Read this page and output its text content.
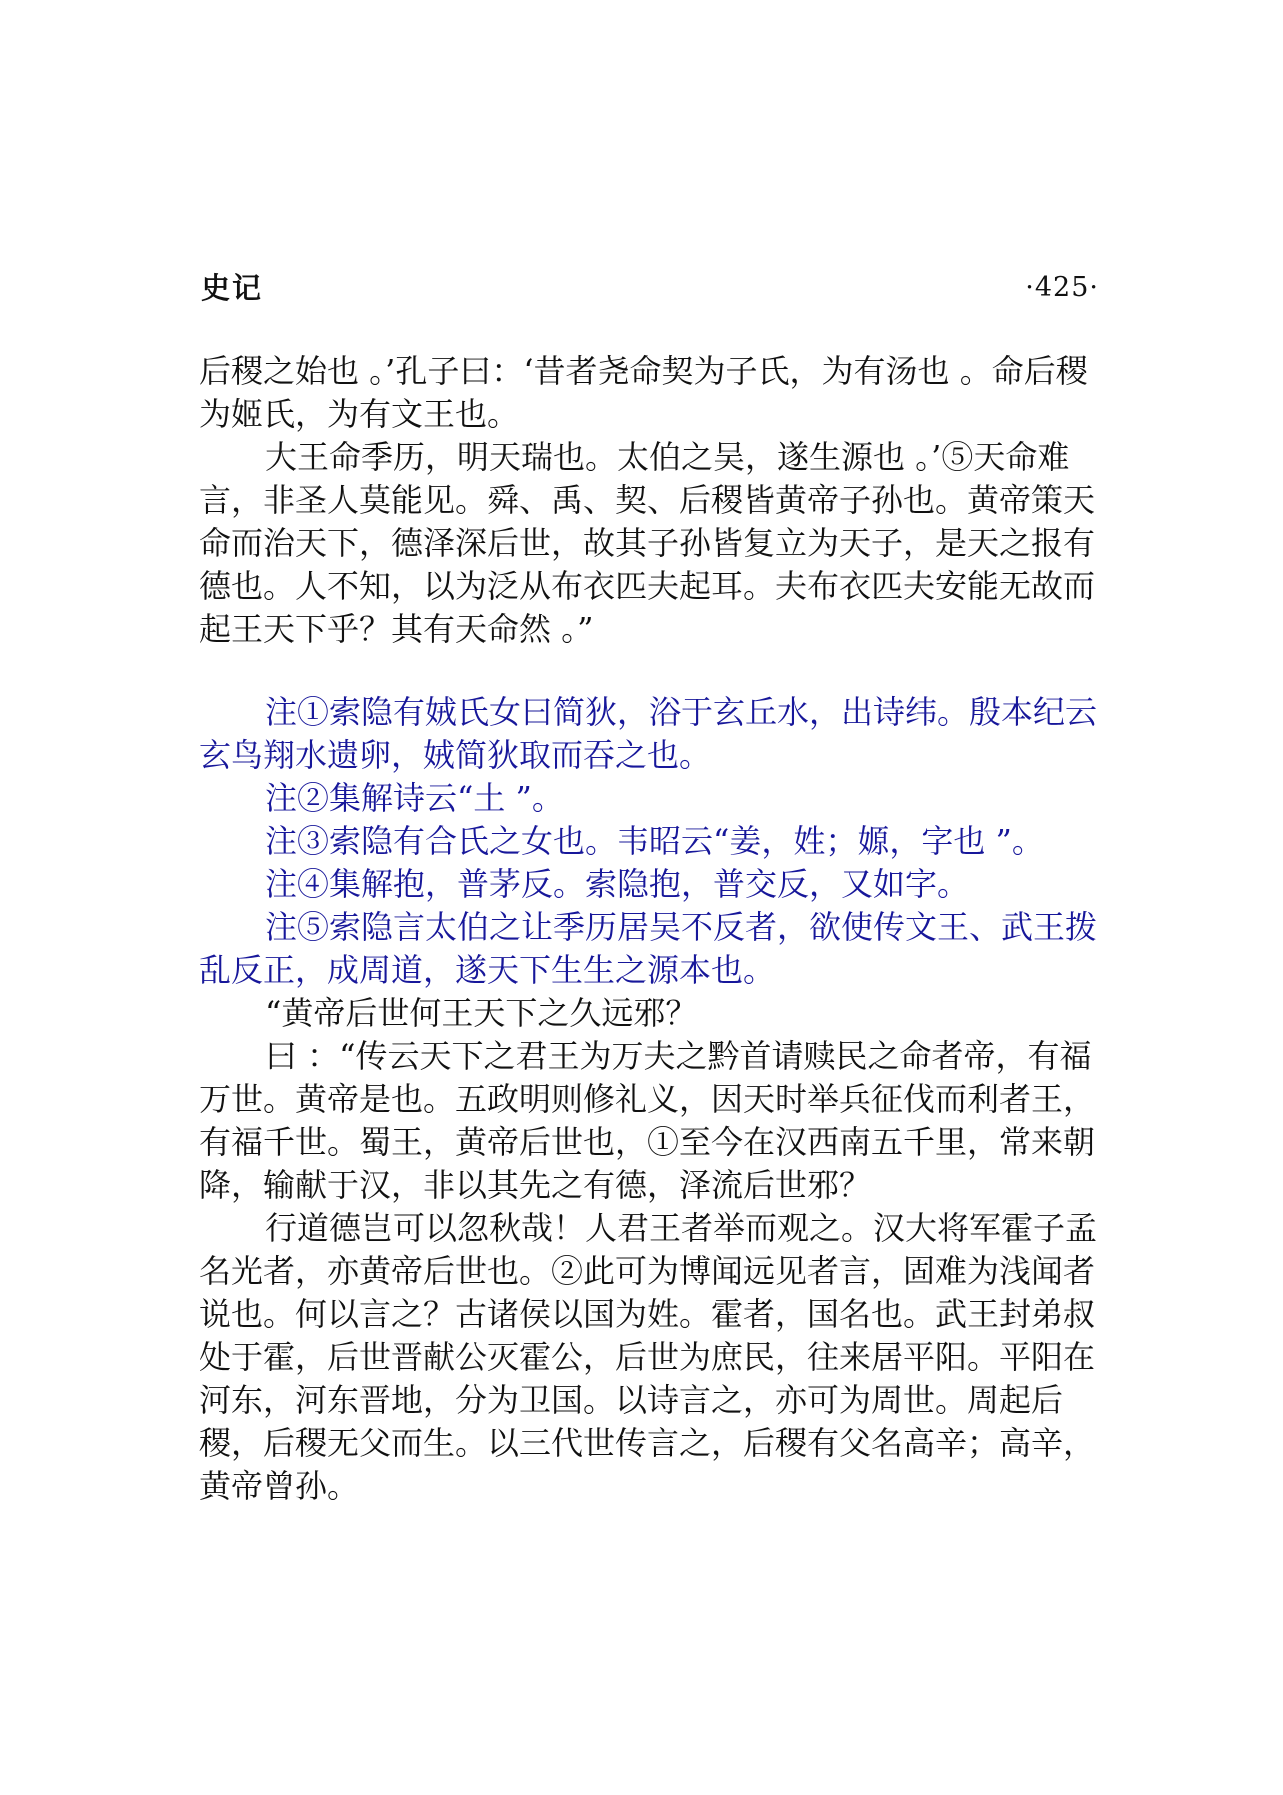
史记	·425·

后稷之始也 。’孔子曰：‘昔者尧命契为子氏，为有汤也 。命后稷为姬氏，为有文王也。

大王命季历，明天瑞也。太伯之吴，遂生源也 。’⑤天命难言，非圣人莫能见。舜、禹、契、后稷皆黄帝子孙也。黄帝策天命而治天下，德泽深后世，故其子孙皆复立为天子，是天之报有德也。人不知，以为泛从布衣匹夫起耳。夫布衣匹夫安能无故而起王天下乎？其有天命然 。”

注①索隐有娀氏女曰简狄，浴于玄丘水，出诗纬。殷本纪云玄鸟翔水遗卵，娀简狄取而吞之也。

注②集解诗云“土 ”。

注③索隐有合氏之女也。韦昭云“姜，姓；嫄，字也 ”。

注④集解抱，普茅反。索隐抱，普交反，又如字。

注⑤索隐言太伯之让季历居吴不反者，欲使传文王、武王拨乱反正，成周道，遂天下生生之源本也。

“黄帝后世何王天下之久远邪？

曰 ：“传云天下之君王为万夫之黔首请赎民之命者帝，有福万世。黄帝是也。五政明则修礼义，因天时举兵征伐而利者王，有福千世。蜀王，黄帝后世也，①至今在汉西南五千里，常来朝降，输献于汉，非以其先之有德，泽流后世邪？

行道德岂可以忽秋哉！人君王者举而观之。汉大将军霍子孟名光者，亦黄帝后世也。②此可为博闻远见者言，固难为浅闻者说也。何以言之？古诸侯以国为姓。霍者，国名也。武王封弟叔处于霍，后世晋献公灭霍公，后世为庶民，往来居平阳。平阳在河东，河东晋地，分为卫国。以诗言之，亦可为周世。周起后稷，后稷无父而生。以三代世传言之，后稷有父名高辛；高辛，黄帝曾孙。
